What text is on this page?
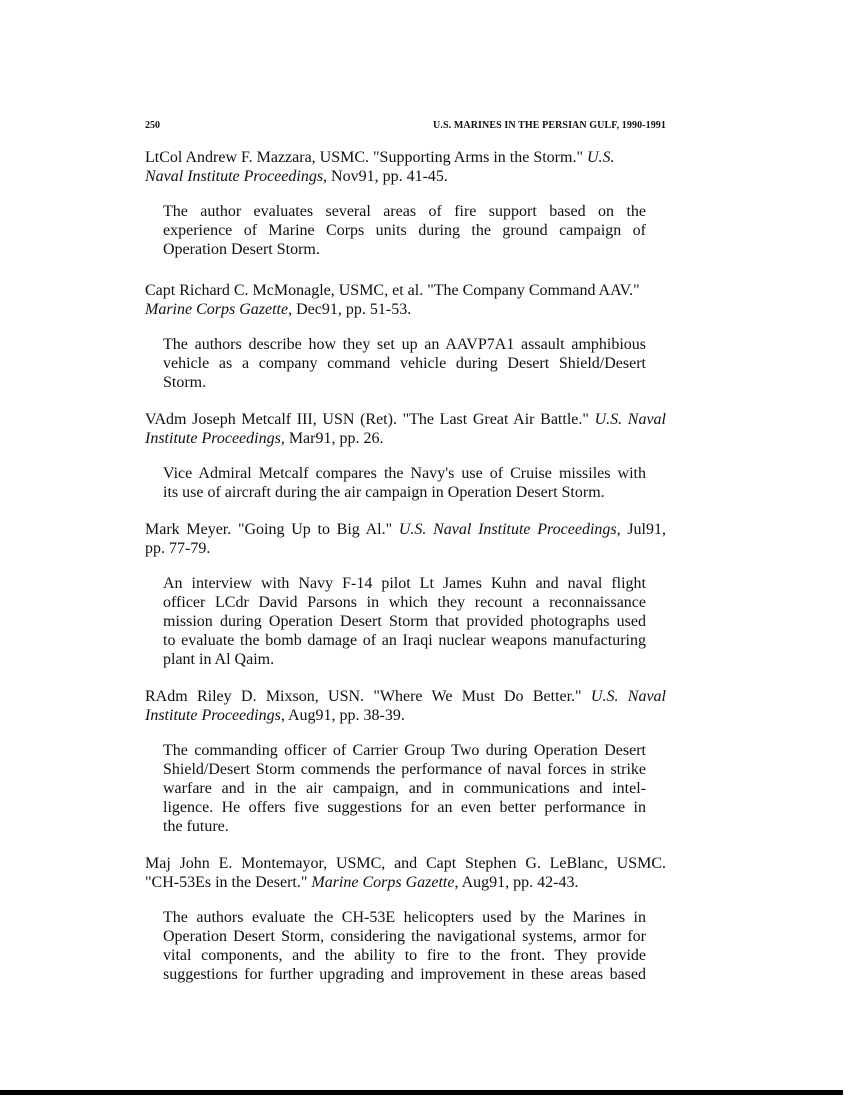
250	U.S. MARINES IN THE PERSIAN GULF, 1990-1991
LtCol Andrew F. Mazzara, USMC. "Supporting Arms in the Storm." U.S.
Naval Institute Proceedings, Nov91, pp. 41-45.
The author evaluates several areas of fire support based on the
experience of Marine Corps units during the ground campaign of
Operation Desert Storm.
Capt Richard C. McMonagle, USMC, et al. "The Company Command AAV."
Marine Corps Gazette, Dec91, pp. 51-53.
The authors describe how they set up an AAVP7A1 assault amphibious
vehicle as a company command vehicle during Desert Shield/Desert
Storm.
VAdm Joseph Metcalf III, USN (Ret). "The Last Great Air Battle." U.S. Naval
Institute Proceedings, Mar91, pp. 26.
Vice Admiral Metcalf compares the Navy's use of Cruise missiles with
its use of aircraft during the air campaign in Operation Desert Storm.
Mark Meyer. "Going Up to Big Al." U.S. Naval Institute Proceedings, Jul91,
pp. 77-79.
An interview with Navy F-14 pilot Lt James Kuhn and naval flight
officer LCdr David Parsons in which they recount a reconnaissance
mission during Operation Desert Storm that provided photographs used
to evaluate the bomb damage of an Iraqi nuclear weapons manufacturing
plant in Al Qaim.
RAdm Riley D. Mixson, USN. "Where We Must Do Better." U.S. Naval
Institute Proceedings, Aug91, pp. 38-39.
The commanding officer of Carrier Group Two during Operation Desert
Shield/Desert Storm commends the performance of naval forces in strike
warfare and in the air campaign, and in communications and intel-
ligence. He offers five suggestions for an even better performance in
the future.
Maj John E. Montemayor, USMC, and Capt Stephen G. LeBlanc, USMC.
"CH-53Es in the Desert." Marine Corps Gazette, Aug91, pp. 42-43.
The authors evaluate the CH-53E helicopters used by the Marines in
Operation Desert Storm, considering the navigational systems, armor for
vital components, and the ability to fire to the front. They provide
suggestions for further upgrading and improvement in these areas based
